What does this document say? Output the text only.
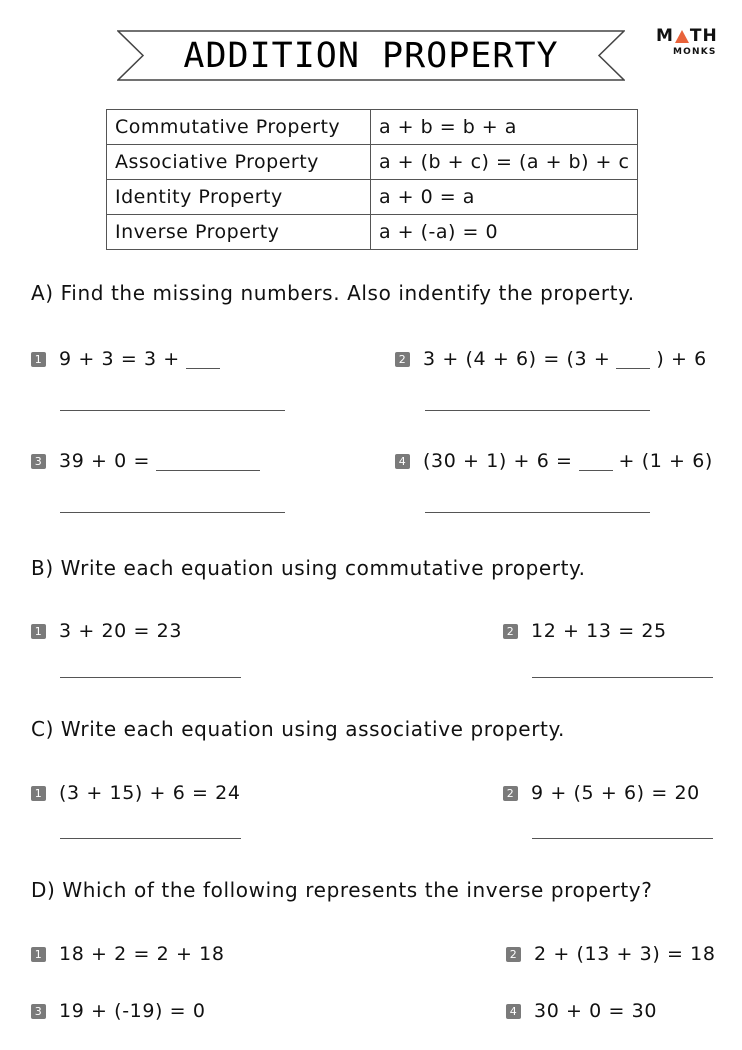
ADDITION PROPERTY	M TH
MONKS
Commutative Property	a + b = b + a
Associative Property	a + (b + c) = (a + b) + c
Identity Property	a + 0 = a
Inverse Property	a + (-a) = 0
A) Find the missing numbers. Also indentify the property.
1 9 + 3 = 3 +	2 3 + (4 + 6) = (3 + ) + 6
3 39 + 0 =	4 (30 + 1) + 6 = + (1 + 6)
B) Write each equation using commutative property.
1 3 + 20 = 23	2 12 + 13 = 25
C) Write each equation using associative property.
1 (3 + 15) + 6 = 24	2 9 + (5 + 6) = 20
D) Which of the following represents the inverse property?
1 18 + 2 = 2 + 18	2 2 + (13 + 3) = 18
3 19 + (-19) = 0	4 30 + 0 = 30
